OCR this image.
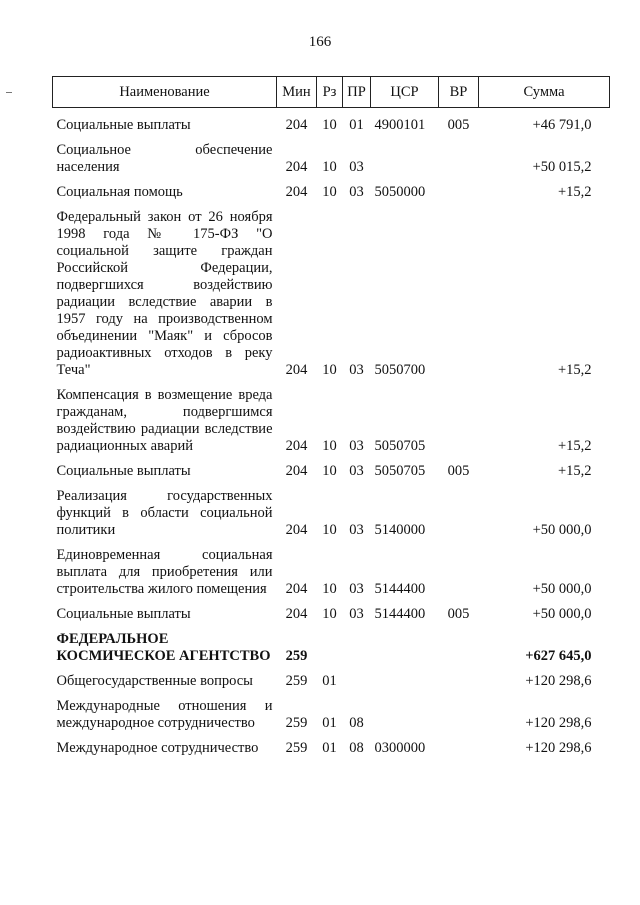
166
Наименование	Мин	Рз	ПР	ЦСР	ВР	Сумма
Социальные выплаты	204	10	01	4900101	005	+46 791,0
Социальное обеспечение населения	204	10	03			+50 015,2
Социальная помощь	204	10	03	5050000		+15,2
Федеральный закон от 26 ноября 1998 года № 175-ФЗ "О социальной защите граждан Российской Федерации, подвергшихся воздействию радиации вследствие аварии в 1957 году на производственном объединении "Маяк" и сбросов радиоактивных отходов в реку Теча"	204	10	03	5050700		+15,2
Компенсация в возмещение вреда гражданам, подвергшимся воздействию радиации вследствие радиационных аварий	204	10	03	5050705		+15,2
Социальные выплаты	204	10	03	5050705	005	+15,2
Реализация государственных функций в области социальной политики	204	10	03	5140000		+50 000,0
Единовременная социальная выплата для приобретения или строительства жилого помещения	204	10	03	5144400		+50 000,0
Социальные выплаты	204	10	03	5144400	005	+50 000,0
ФЕДЕРАЛЬНОЕ КОСМИЧЕСКОЕ АГЕНТСТВО	259					+627 645,0
Общегосударственные вопросы	259	01				+120 298,6
Международные отношения и международное сотрудничество	259	01	08			+120 298,6
Международное сотрудничество	259	01	08	0300000		+120 298,6
